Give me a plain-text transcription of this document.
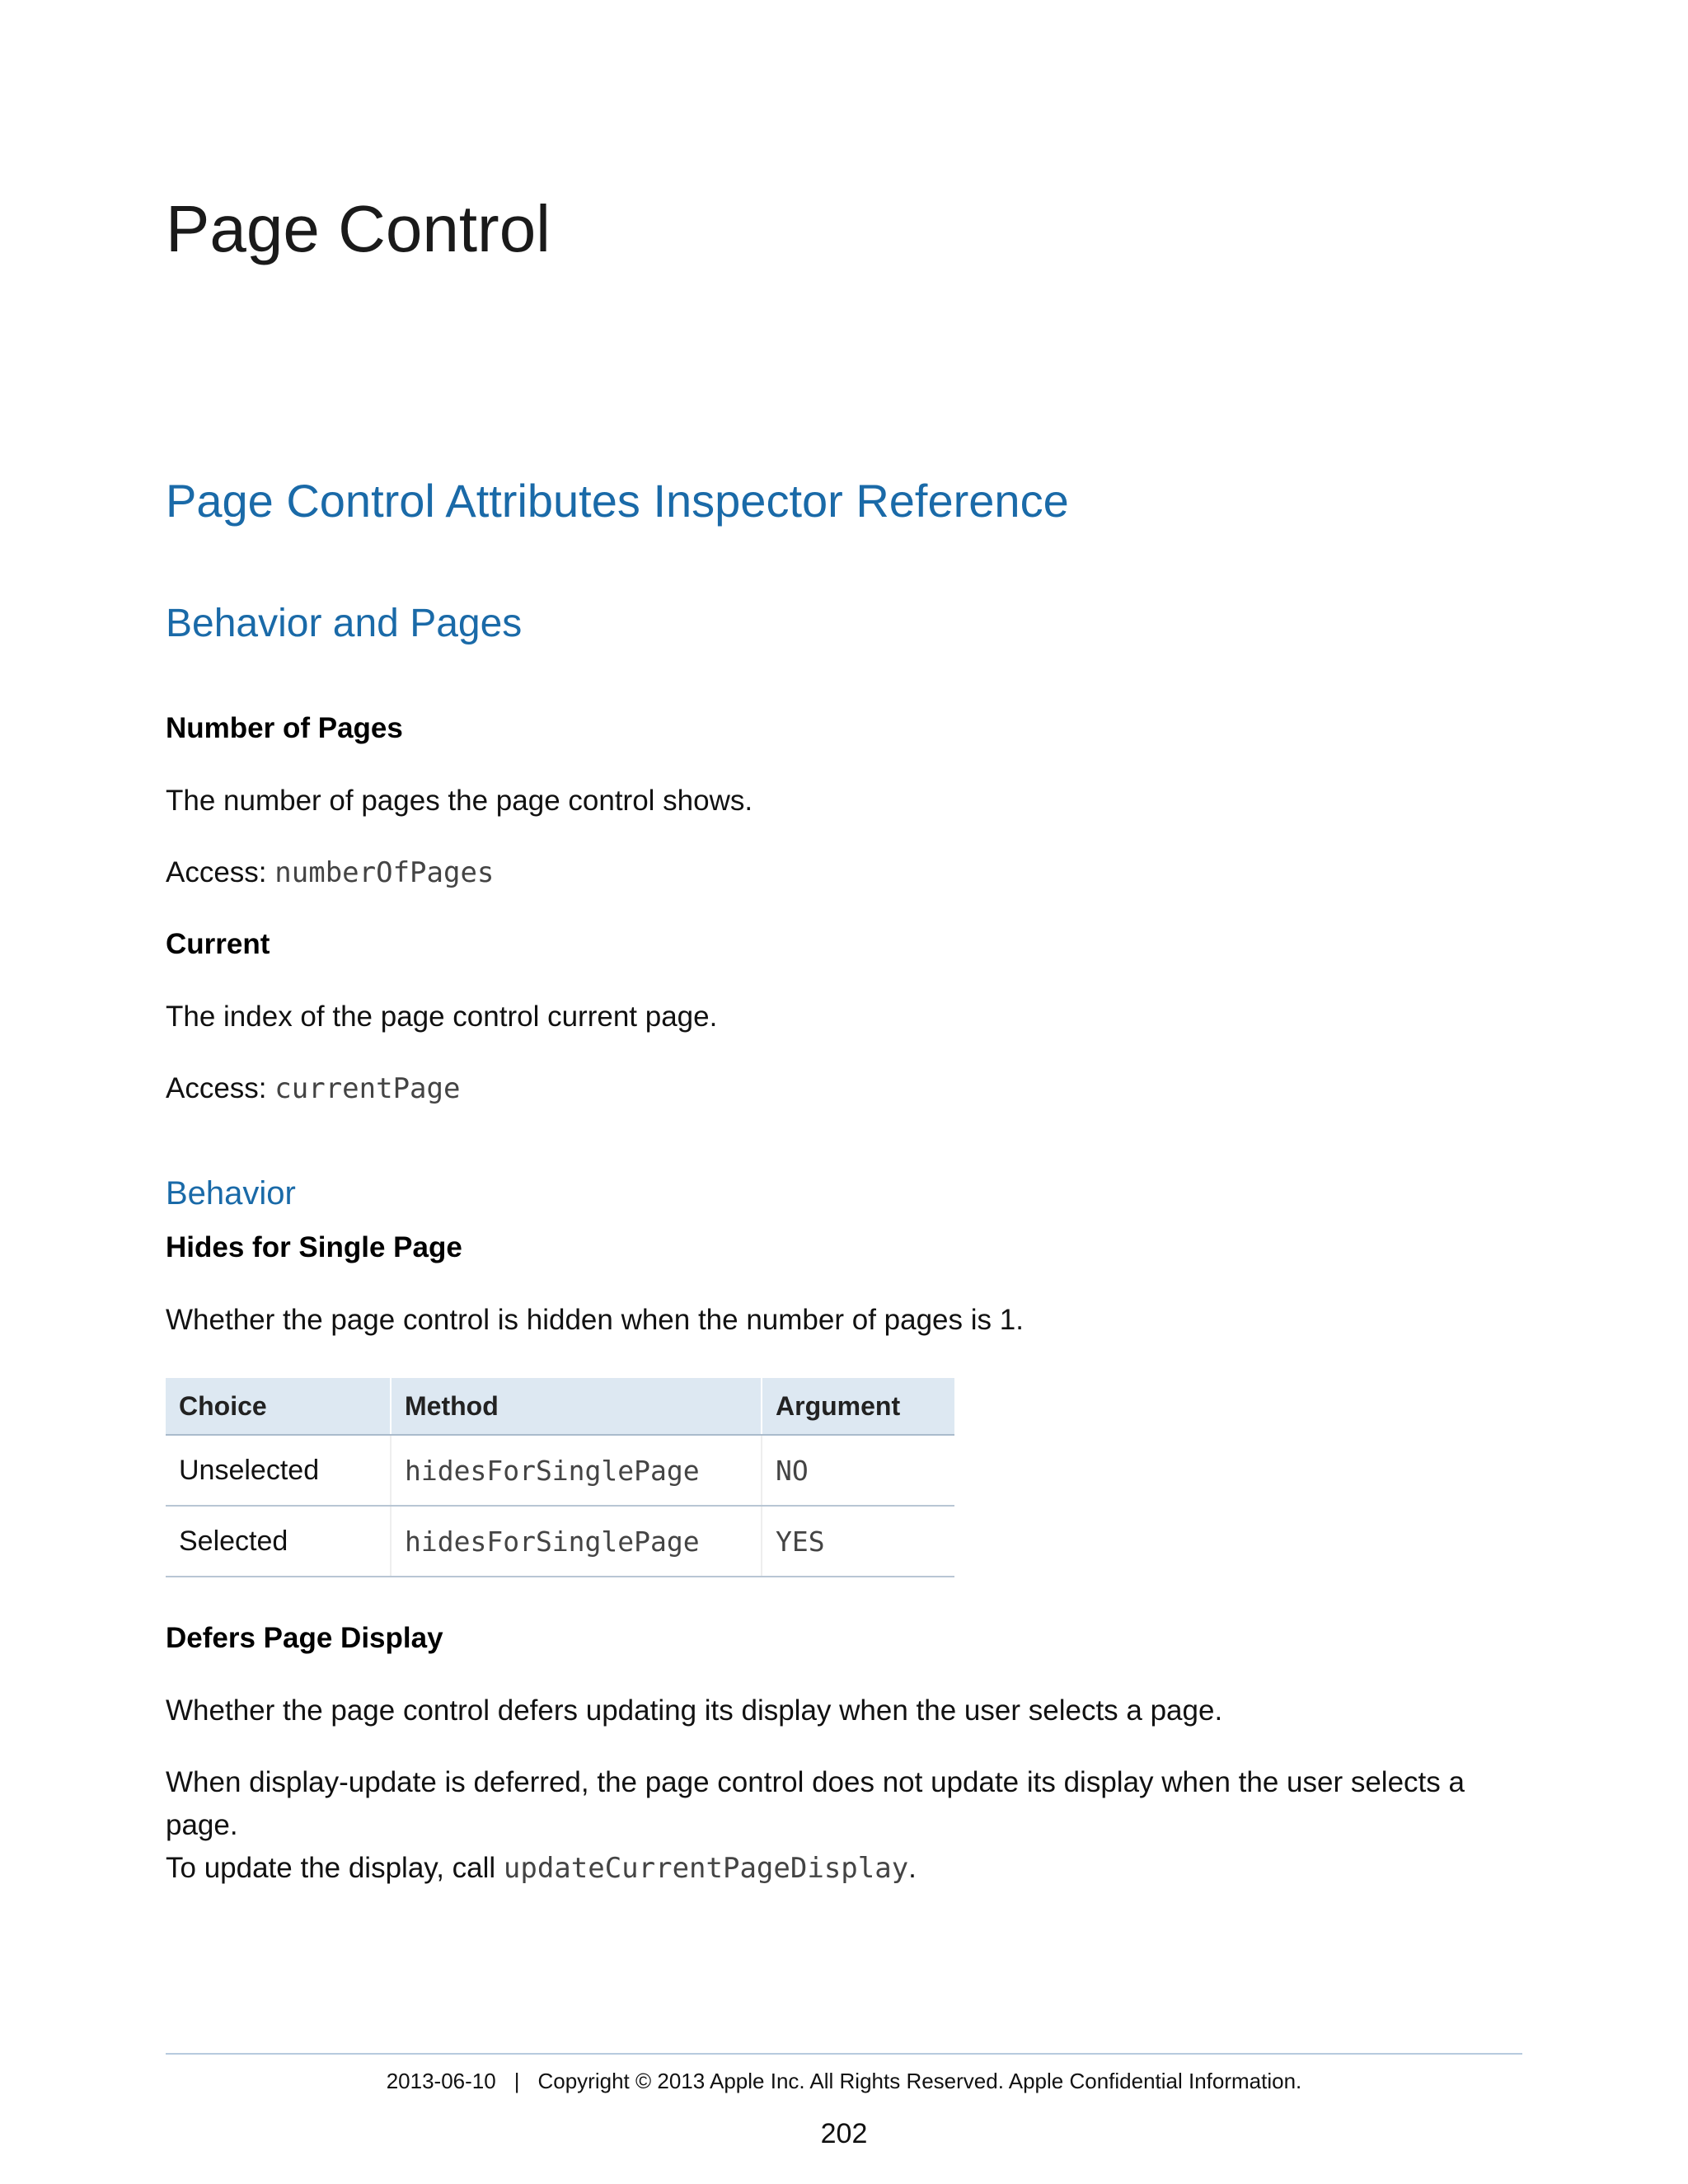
Page Control
Page Control Attributes Inspector Reference
Behavior and Pages
Number of Pages

The number of pages the page control shows.

Access: numberOfPages

Current

The index of the page control current page.

Access: currentPage

Behavior
Hides for Single Page

Whether the page control is hidden when the number of pages is 1.

Choice	Method	Argument
Unselected	hidesForSinglePage	NO
Selected	hidesForSinglePage	YES
Defers Page Display

Whether the page control defers updating its display when the user selects a page.

When display-update is deferred, the page control does not update its display when the user selects a page.
To update the display, call updateCurrentPageDisplay.

2013-06-10 | Copyright © 2013 Apple Inc. All Rights Reserved. Apple Confidential Information.
202
